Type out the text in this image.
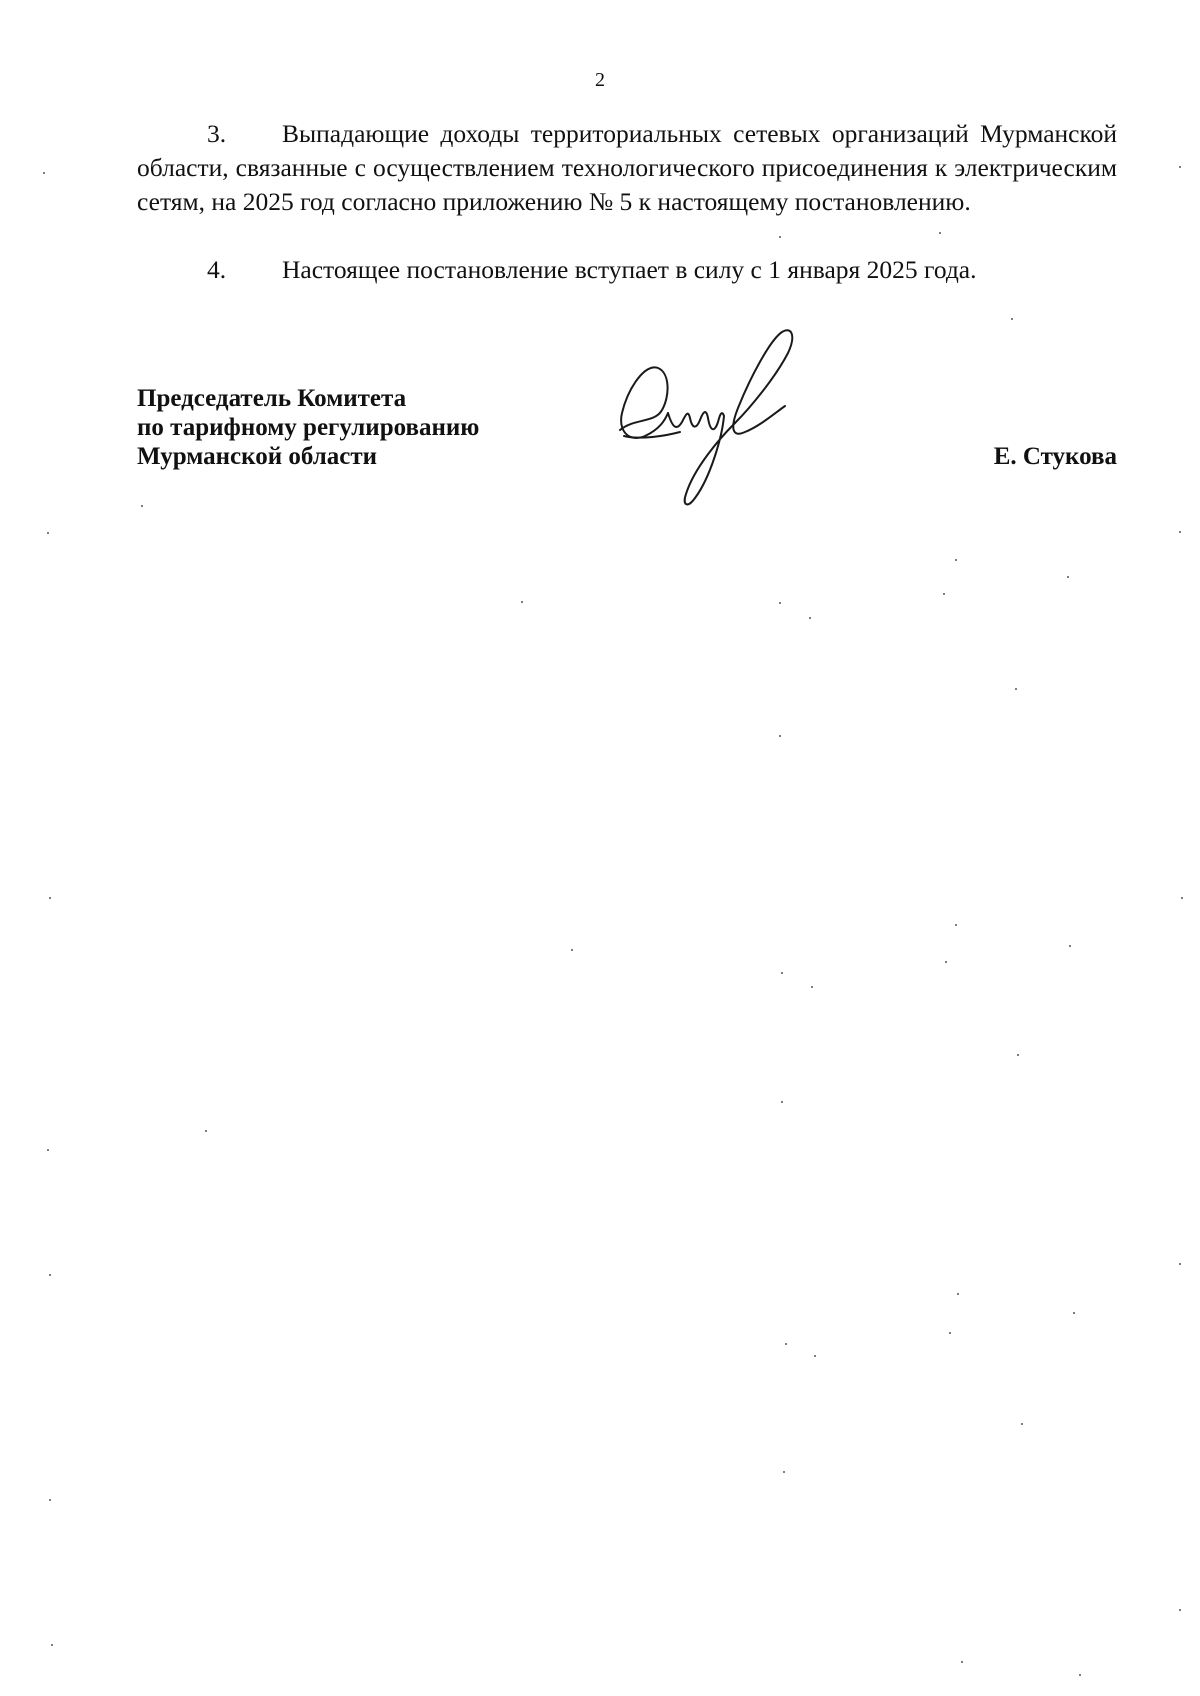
2
3. Выпадающие доходы территориальных сетевых организаций Мурманской области, связанные с осуществлением технологического присоединения к электрическим сетям, на 2025 год согласно приложению № 5 к настоящему постановлению.
4. Настоящее постановление вступает в силу с 1 января 2025 года.
Председатель Комитета
по тарифному регулированию
Мурманской области	Е. Стукова
